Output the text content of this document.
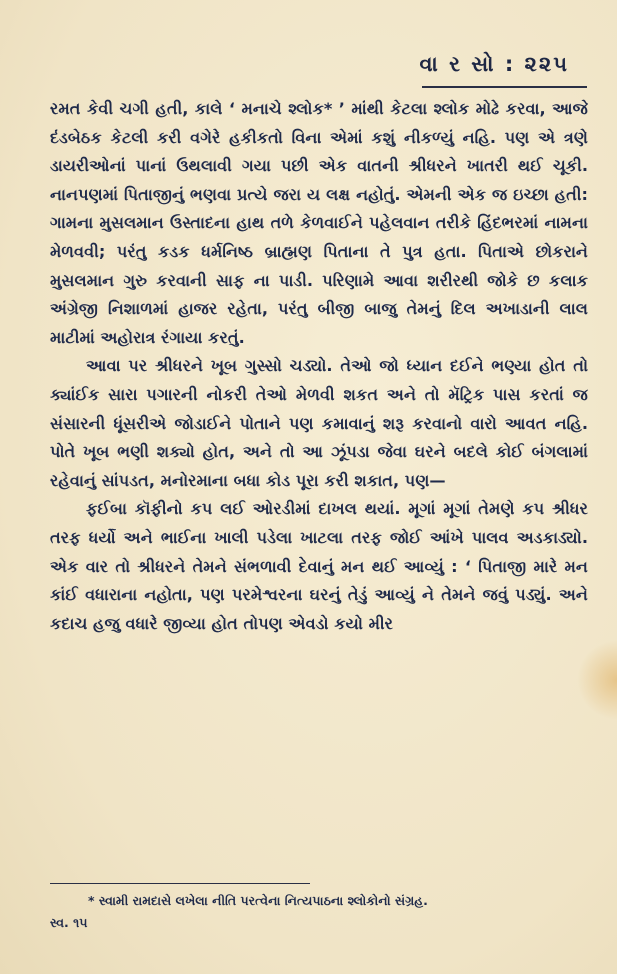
વા ર સો : ૨૨૫

રમત કેવી ચગી હતી, કાલે ‘ મનાચે શ્લોક* ’ માંથી કેટલા શ્લોક મોઢે કરવા, આજે દંડબેઠક કેટલી કરી વગેરે હકીકતો વિના એમાં કશું નીકળ્યું નહિ. પણ એ ત્રણે ડાયરીઓનાં પાનાં ઉથલાવી ગયા પછી એક વાતની શ્રીધરને ખાતરી થઈ ચૂકી. નાનપણમાં પિતાજીનું ભણવા પ્રત્યે જરા ય લક્ષ નહોતું. એમની એક જ ઇચ્છા હતી: ગામના મુસલમાન ઉસ્તાદના હાથ તળે કેળવાઈને પહેલવાન તરીકે હિંદભરમાં નામના મેળવવી; પરંતુ કડક ધર્મનિષ્ઠ બ્રાહ્મણ પિતાના તે પુત્ર હતા. પિતાએ છોકરાને મુસલમાન ગુરુ કરવાની સાફ ના પાડી. પરિણામે આવા શરીરથી જોકે છ કલાક અંગ્રેજી નિશાળમાં હાજર રહેતા, પરંતુ બીજી બાજુ તેમનું દિલ અખાડાની લાલ માટીમાં અહોરાત્ર રંગાયા કરતું.

આવા પર શ્રીધરને ખૂબ ગુસ્સો ચડ્યો. તેઓ જો ધ્યાન દઈને ભણ્યા હોત તો ક્યાંઈક સારા પગારની નોકરી તેઓ મેળવી શકત અને તો મૅટ્રિક પાસ કરતાં જ સંસારની ધૂંસરીએ જોડાઈને પોતાને પણ કમાવાનું શરૂ કરવાનો વારો આવત નહિ. પોતે ખૂબ ભણી શક્યો હોત, અને તો આ ઝૂંપડા જેવા ઘરને બદલે કોઈ બંગલામાં રહેવાનું સાંપડત, મનોરમાના બધા કોડ પૂરા કરી શકાત, પણ—

ફઈબા કૉફીનો કપ લઈ ઓરડીમાં દાખલ થયાં. મૂગાં મૂગાં તેમણે કપ શ્રીધર તરફ ધર્યો અને ભાઈના ખાલી પડેલા ખાટલા તરફ જોઈ આંખે પાલવ અડકાડ્યો. એક વાર તો શ્રીધરને તેમને સંભળાવી દેવાનું મન થઈ આવ્યું : ‘ પિતાજી મારે મન કાંઈ વધારાના નહોતા, પણ પરમેશ્વરના ઘરનું તેડું આવ્યું ને તેમને જવું પડ્યું. અને કદાચ હજુ વધારે જીવ્યા હોત તોપણ એવડો કયો મીર

* સ્વામી રામદાસે લખેલા નીતિ પરત્વેના નિત્યપાઠના શ્લોકોનો સંગ્રહ.
સ્વ. ૧૫
